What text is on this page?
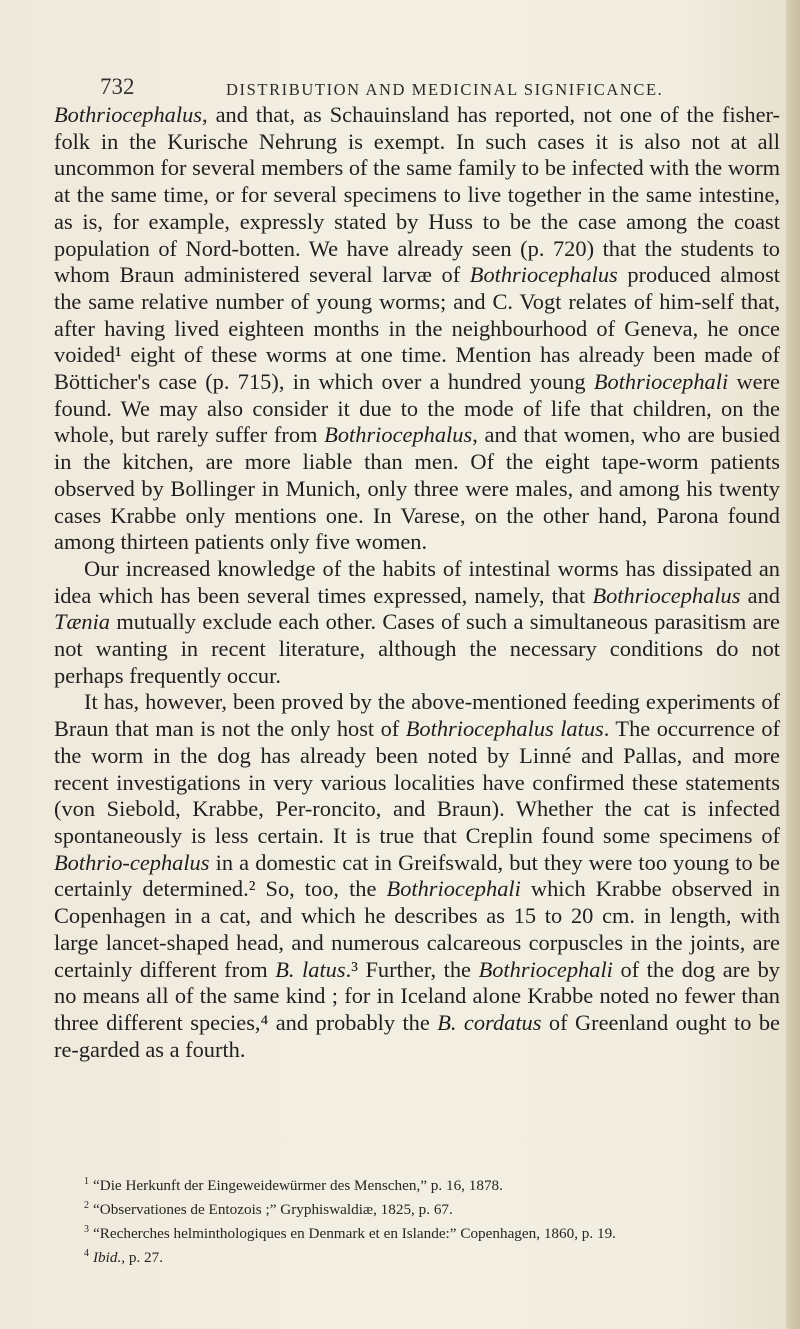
732	DISTRIBUTION AND MEDICINAL SIGNIFICANCE.

Bothriocephalus, and that, as Schauinsland has reported, not one of the fisher-folk in the Kurische Nehrung is exempt. In such cases it is also not at all uncommon for several members of the same family to be infected with the worm at the same time, or for several specimens to live together in the same intestine, as is, for example, expressly stated by Huss to be the case among the coast population of Nord-botten. We have already seen (p. 720) that the students to whom Braun administered several larvæ of Bothriocephalus produced almost the same relative number of young worms; and C. Vogt relates of him-self that, after having lived eighteen months in the neighbourhood of Geneva, he once voided¹ eight of these worms at one time. Mention has already been made of Bötticher's case (p. 715), in which over a hundred young Bothriocephali were found. We may also consider it due to the mode of life that children, on the whole, but rarely suffer from Bothriocephalus, and that women, who are busied in the kitchen, are more liable than men. Of the eight tape-worm patients observed by Bollinger in Munich, only three were males, and among his twenty cases Krabbe only mentions one. In Varese, on the other hand, Parona found among thirteen patients only five women.

Our increased knowledge of the habits of intestinal worms has dissipated an idea which has been several times expressed, namely, that Bothriocephalus and Tænia mutually exclude each other. Cases of such a simultaneous parasitism are not wanting in recent literature, although the necessary conditions do not perhaps frequently occur.

It has, however, been proved by the above-mentioned feeding experiments of Braun that man is not the only host of Bothriocephalus latus. The occurrence of the worm in the dog has already been noted by Linné and Pallas, and more recent investigations in very various localities have confirmed these statements (von Siebold, Krabbe, Per-roncito, and Braun). Whether the cat is infected spontaneously is less certain. It is true that Creplin found some specimens of Bothrio-cephalus in a domestic cat in Greifswald, but they were too young to be certainly determined.² So, too, the Bothriocephali which Krabbe observed in Copenhagen in a cat, and which he describes as 15 to 20 cm. in length, with large lancet-shaped head, and numerous calcareous corpuscles in the joints, are certainly different from B. latus.³ Further, the Bothriocephali of the dog are by no means all of the same kind ; for in Iceland alone Krabbe noted no fewer than three different species,⁴ and probably the B. cordatus of Greenland ought to be re-garded as a fourth.

$^1$ “Die Herkunft der Eingeweidewürmer des Menschen,” p. 16, 1878.

$^2$ “Observationes de Entozois ;” Gryphiswaldiæ, 1825, p. 67.

$^3$ “Recherches helminthologiques en Denmark et en Islande:” Copenhagen, 1860, p. 19.

$^4$ Ibid., p. 27.
